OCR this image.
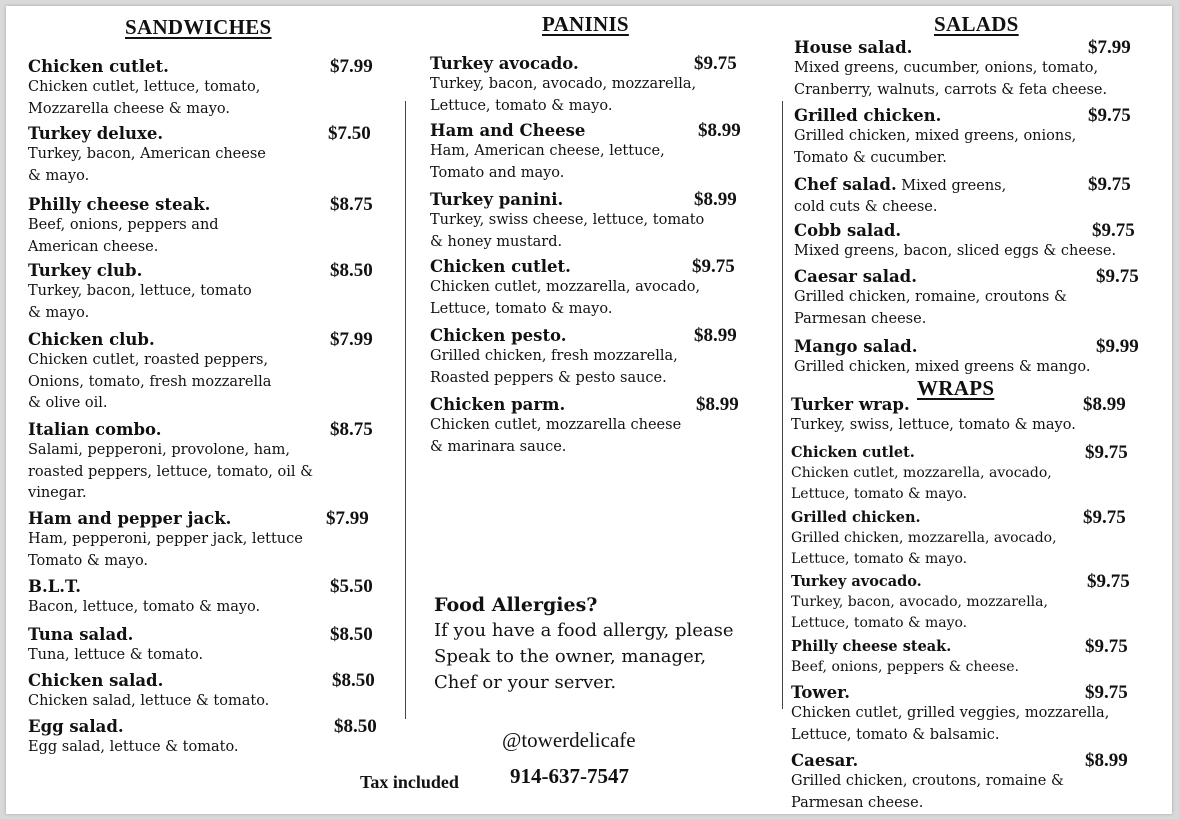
SANDWICHES
Chicken cutlet.	$7.99
Chicken cutlet, lettuce, tomato,
Mozzarella cheese & mayo.
Turkey deluxe.	$7.50
Turkey, bacon, American cheese
& mayo.
Philly cheese steak.	$8.75
Beef, onions, peppers and
American cheese.
Turkey club.	$8.50
Turkey, bacon, lettuce, tomato
& mayo.
Chicken club.	$7.99
Chicken cutlet, roasted peppers,
Onions, tomato, fresh mozzarella
& olive oil.
Italian combo.	$8.75
Salami, pepperoni, provolone, ham,
roasted peppers, lettuce, tomato, oil &
vinegar.
Ham and pepper jack.	$7.99
Ham, pepperoni, pepper jack, lettuce
Tomato & mayo.
B.L.T.	$5.50
Bacon, lettuce, tomato & mayo.
Tuna salad.	$8.50
Tuna, lettuce & tomato.
Chicken salad.	$8.50
Chicken salad, lettuce & tomato.
Egg salad.	$8.50
Egg salad, lettuce & tomato.
PANINIS
Turkey avocado.	$9.75
Turkey, bacon, avocado, mozzarella,
Lettuce, tomato & mayo.
Ham and Cheese	$8.99
Ham, American cheese, lettuce,
Tomato and mayo.
Turkey panini.	$8.99
Turkey, swiss cheese, lettuce, tomato
& honey mustard.
Chicken cutlet.	$9.75
Chicken cutlet, mozzarella, avocado,
Lettuce, tomato & mayo.
Chicken pesto.	$8.99
Grilled chicken, fresh mozzarella,
Roasted peppers & pesto sauce.
Chicken parm.	$8.99
Chicken cutlet, mozzarella cheese
& marinara sauce.
SALADS
House salad.	$7.99
Mixed greens, cucumber, onions, tomato,
Cranberry, walnuts, carrots & feta cheese.
Grilled chicken.	$9.75
Grilled chicken, mixed greens, onions,
Tomato & cucumber.
Chef salad. Mixed greens,	$9.75
cold cuts & cheese.
Cobb salad.	$9.75
Mixed greens, bacon, sliced eggs & cheese.
Caesar salad.	$9.75
Grilled chicken, romaine, croutons &
Parmesan cheese.
Mango salad.	$9.99
Grilled chicken, mixed greens & mango.
WRAPS
Turker wrap.	$8.99
Turkey, swiss, lettuce, tomato & mayo.
Chicken cutlet.	$9.75
Chicken cutlet, mozzarella, avocado,
Lettuce, tomato & mayo.
Grilled chicken.	$9.75
Grilled chicken, mozzarella, avocado,
Lettuce, tomato & mayo.
Turkey avocado.	$9.75
Turkey, bacon, avocado, mozzarella,
Lettuce, tomato & mayo.
Philly cheese steak.	$9.75
Beef, onions, peppers & cheese.
Tower.	$9.75
Chicken cutlet, grilled veggies, mozzarella,
Lettuce, tomato & balsamic.
Caesar.	$8.99
Grilled chicken, croutons, romaine &
Parmesan cheese.
Food Allergies?
If you have a food allergy, please
Speak to the owner, manager,
Chef or your server.
@towerdelicafe
Tax included 914-637-7547
